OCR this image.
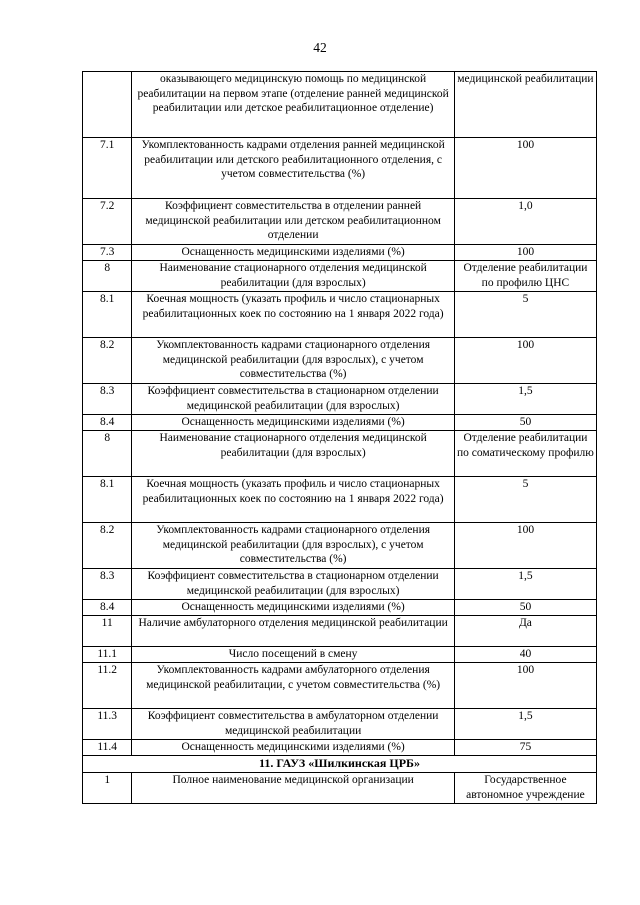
42
	оказывающего медицинскую помощь по медицинской реабилитации на первом этапе (отделение ранней медицинской реабилитации или детское реабилитационное отделение)	медицинской реабилитации
7.1	Укомплектованность кадрами отделения ранней медицинской реабилитации или детского реабилитационного отделения, с учетом совместительства (%)	100
7.2	Коэффициент совместительства в отделении ранней медицинской реабилитации или детском реабилитационном отделении	1,0
7.3	Оснащенность медицинскими изделиями (%)	100
8	Наименование стационарного отделения медицинской реабилитации (для взрослых)	Отделение реабилитации по профилю ЦНС
8.1	Коечная мощность (указать профиль и число стационарных реабилитационных коек по состоянию на 1 января 2022 года)	5
8.2	Укомплектованность кадрами стационарного отделения медицинской реабилитации (для взрослых), с учетом совместительства (%)	100
8.3	Коэффициент совместительства в стационарном отделении медицинской реабилитации (для взрослых)	1,5
8.4	Оснащенность медицинскими изделиями (%)	50
8	Наименование стационарного отделения медицинской реабилитации (для взрослых)	Отделение реабилитации по соматическому профилю
8.1	Коечная мощность (указать профиль и число стационарных реабилитационных коек по состоянию на 1 января 2022 года)	5
8.2	Укомплектованность кадрами стационарного отделения медицинской реабилитации (для взрослых), с учетом совместительства (%)	100
8.3	Коэффициент совместительства в стационарном отделении медицинской реабилитации (для взрослых)	1,5
8.4	Оснащенность медицинскими изделиями (%)	50
11	Наличие амбулаторного отделения медицинской реабилитации	Да
11.1	Число посещений в смену	40
11.2	Укомплектованность кадрами амбулаторного отделения медицинской реабилитации, с учетом совместительства (%)	100
11.3	Коэффициент совместительства в амбулаторном отделении медицинской реабилитации	1,5
11.4	Оснащенность медицинскими изделиями (%)	75
11. ГАУЗ «Шилкинская ЦРБ»		
1	Полное наименование медицинской организации	Государственное автономное учреждение
